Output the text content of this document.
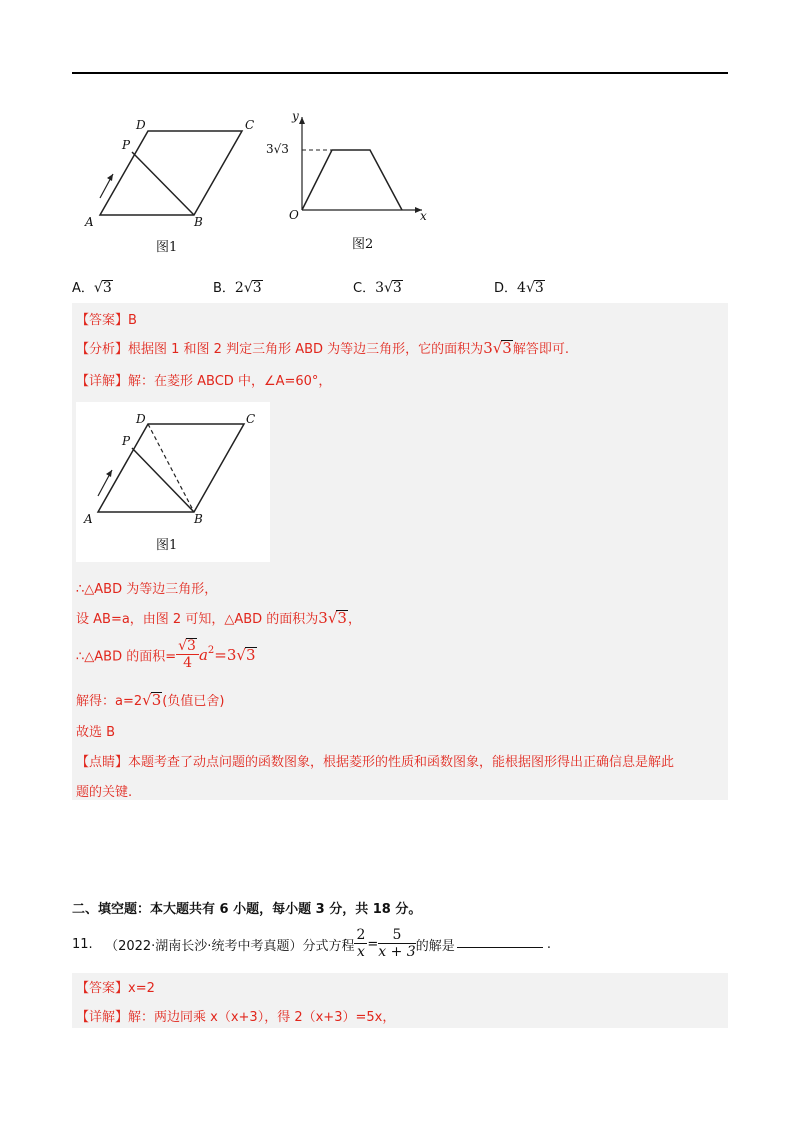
A	B
C
D
P
图1
y
x
O
3√3
图2
A．√3	B．2√3	C．3√3	D．4√3
【答案】B
【分析】根据图 1 和图 2 判定三角形 ABD 为等边三角形，它的面积为3√3解答即可.
【详解】解：在菱形 ABCD 中，∠A=60°，
A	B
C
D
P
图1
∴△ABD 为等边三角形，
设 AB=a，由图 2 可知，△ABD 的面积为3√3，
∴△ABD 的面积= $\frac{√3}{4} a^2=3√3$
解得：a=2√3(负值已舍)
故选 B
【点睛】本题考查了动点问题的函数图象，根据菱形的性质和函数图象，能根据图形得出正确信息是解此
题的关键.
二、填空题：本大题共有 6 小题，每小题 3 分，共 18 分。
11. （2022·湖南长沙·统考中考真题）分式方程 $\frac{2}{x} = \frac{5}{x + 3}$ 的解是	.
【答案】x=2
【详解】解：两边同乘 x（x+3），得 2（x+3）=5x，
